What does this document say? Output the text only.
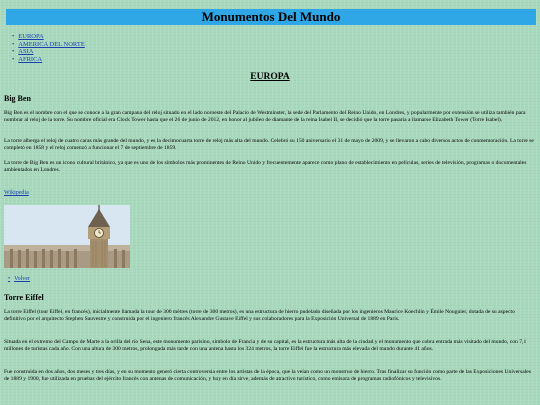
Monumentos Del Mundo
• EUROPA
• AMERICA DEL NORTE
• ASIA
• AFRICA
EUROPA
Big Ben

Big Ben es el nombre con el que se conoce a la gran campana del reloj situado en el lado noroeste del Palacio de Westminster, la sede del Parlamento del Reino Unido, en Londres, y popularmente por extensión se utiliza también para nombrar al reloj de la torre. Su nombre oficial era Clock Tower hasta que el 26 de junio de 2012, en honor al jubileo de diamante de la reina Isabel II, se decidió que la torre pasaría a llamarse Elizabeth Tower (Torre Isabel).

La torre alberga el reloj de cuatro caras más grande del mundo, y es la decimocuarta torre de reloj más alta del mundo. Celebró su 150 aniversario el 31 de mayo de 2009, y se llevaron a cabo diversos actos de conmemoración. La torre se completó en 1858 y el reloj comenzó a funcionar el 7 de septiembre de 1859.

La torre de Big Ben es un icono cultural británico, ya que es uno de los símbolos más prominentes de Reino Unido y frecuentemente aparece como plano de establecimiento en películas, series de televisión, programas o documentales ambientados en Londres.

Wikipedia
• Volver
Torre Eiffel

La torre Eiffel (tour Eiffel, en francés), inicialmente llamada la tour de 300 mètres (torre de 300 metros), es una estructura de hierro pudelado diseñada por los ingenieros Maurice Koechlin y Émile Nouguier, dotada de su aspecto definitivo por el arquitecto Stephen Sauvestre y construida por el ingeniero francés Alexandre Gustave Eiffel y sus colaboradores para la Exposición Universal de 1889 en París.

Situada en el extremo del Campo de Marte a la orilla del río Sena, este monumento parisino, símbolo de Francia y de su capital, es la estructura más alta de la ciudad y el monumento que cobra entrada más visitado del mundo, con 7,1 millones de turistas cada año. Con una altura de 300 metros, prolongada más tarde con una antena hasta los 324 metros, la torre Eiffel fue la estructura más elevada del mundo durante 41 años.

Fue construida en dos años, dos meses y tres días, y en su momento generó cierta controversia entre los artistas de la época, que la veían como un monstruo de hierro. Tras finalizar su función como parte de las Exposiciones Universales de 1889 y 1900, fue utilizada en pruebas del ejército francés con antenas de comunicación, y hoy en día sirve, además de atractivo turístico, como emisora de programas radiofónicos y televisivos.
